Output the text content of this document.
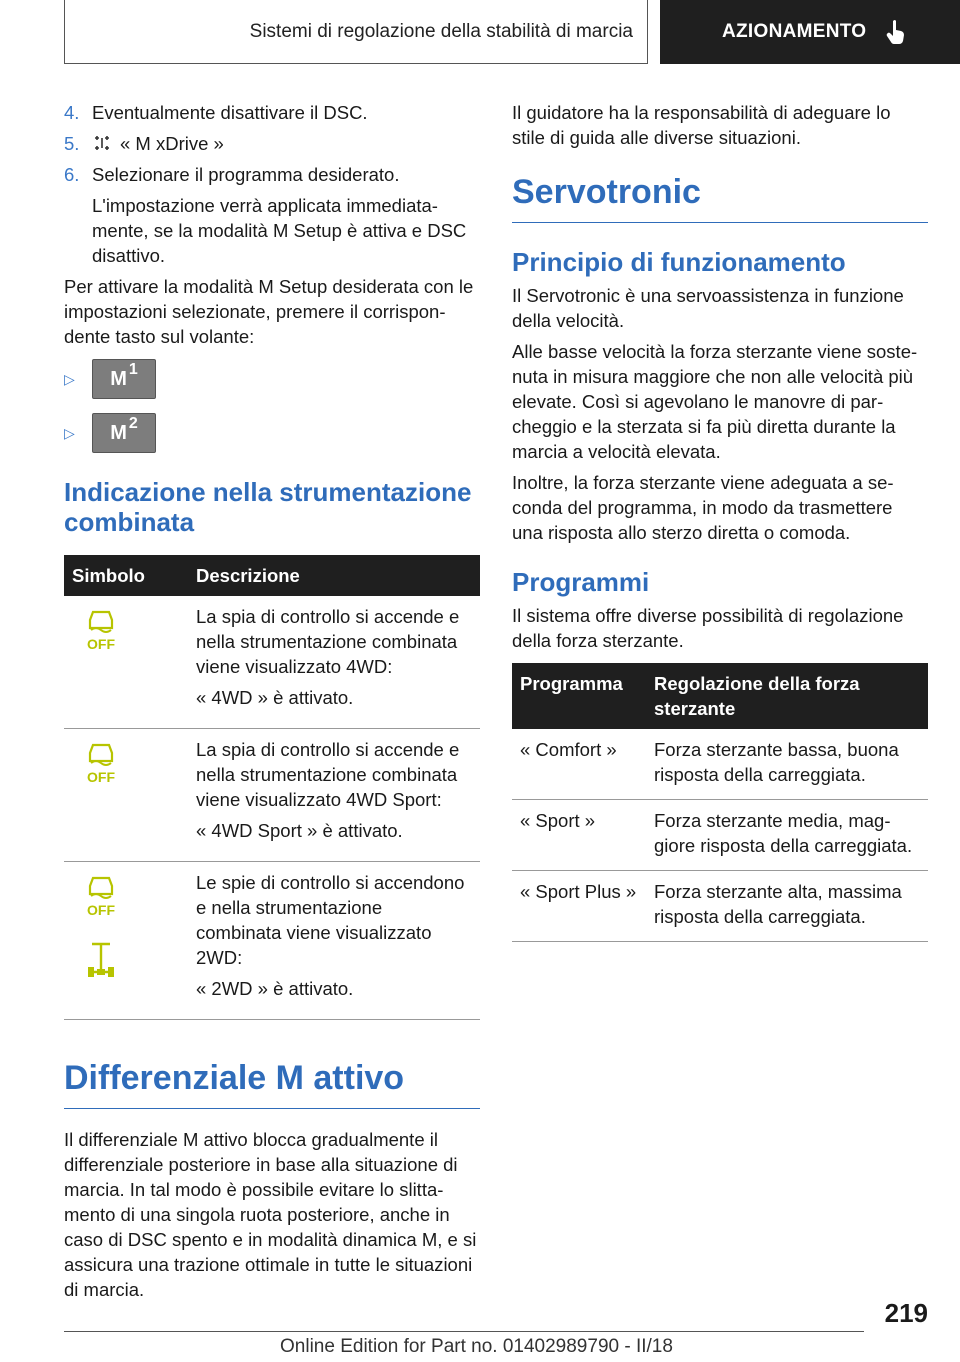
Sistemi di regolazione della stabilità di marcia	AZIONAMENTO
4. Eventualmente disattivare il DSC.
5.	« M xDrive »
6. Selezionare il programma desiderato.
L'impostazione verrà applicata immediatamente, se la modalità M Setup è attiva e DSC disattivo.

Per attivare la modalità M Setup desiderata con le impostazioni selezionate, premere il corrispondente tasto sul volante:

▷	M 1
▷	M 2
Indicazione nella strumentazione combinata
Simbolo	Descrizione

OFF	La spia di controllo si accende e nella strumentazione combinata viene visualizzato 4WD:

« 4WD » è attivato.

OFF	La spia di controllo si accende e nella strumentazione combinata viene visualizzato 4WD Sport:

« 4WD Sport » è attivato.

OFF	Le spie di controllo si accendono e nella strumentazione combinata viene visualizzato 2WD:

« 2WD » è attivato.

Differenziale M attivo

Il differenziale M attivo blocca gradualmente il differenziale posteriore in base alla situazione di marcia. In tal modo è possibile evitare lo slittamento di una singola ruota posteriore, anche in caso di DSC spento e in modalità dinamica M, e si assicura una trazione ottimale in tutte le situazioni di marcia.

Il guidatore ha la responsabilità di adeguare lo stile di guida alle diverse situazioni.

Servotronic
Principio di funzionamento

Il Servotronic è una servoassistenza in funzione della velocità.

Alle basse velocità la forza sterzante viene sostenuta in misura maggiore che non alle velocità più elevate. Così si agevolano le manovre di parcheggio e la sterzata si fa più diretta durante la marcia a velocità elevata.

Inoltre, la forza sterzante viene adeguata a seconda del programma, in modo da trasmettere una risposta allo sterzo diretta o comoda.

Programmi

Il sistema offre diverse possibilità di regolazione della forza sterzante.

Programma	Regolazione della forza sterzante
« Comfort »	Forza sterzante bassa, buona risposta della carreggiata.
« Sport »	Forza sterzante media, maggiore risposta della carreggiata.
« Sport Plus »	Forza sterzante alta, massima risposta della carreggiata.
219
Online Edition for Part no. 01402989790 - II/18
